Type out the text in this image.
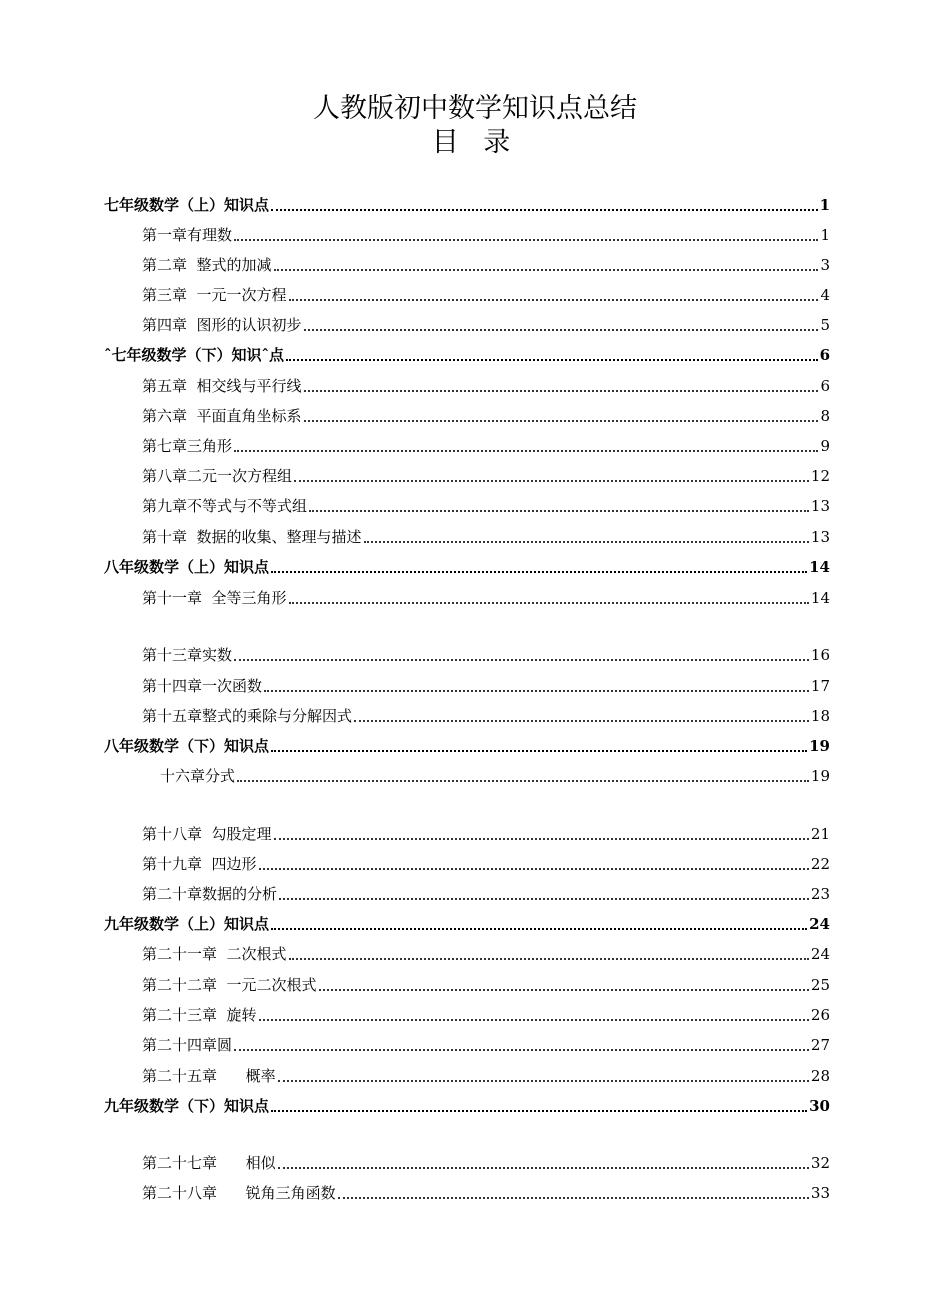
人教版初中数学知识点总结
目 录
七年级数学（上）知识点	1
第一章有理数	1
第二章  整式的加减	3
第三章  一元一次方程	4
第四章  图形的认识初步	5
ˆ七年级数学（下）知识ˆ点	6
第五章  相交线与平行线	6
第六章  平面直角坐标系	8
第七章三角形	9
第八章二元一次方程组	12
第九章不等式与不等式组	13
第十章  数据的收集、整理与描述	13
八年级数学（上）知识点	14
第十一章  全等三角形	14
第十三章实数	16
第十四章一次函数	17
第十五章整式的乘除与分解因式	18
八年级数学（下）知识点	19
十六章分式	19
第十八章  勾股定理	21
第十九章  四边形	22
第二十章数据的分析	23
九年级数学（上）知识点	24
第二十一章  二次根式	24
第二十二章  一元二次根式	25
第二十三章  旋转	26
第二十四章圆	27
第二十五章      概率	28
九年级数学（下）知识点	30
第二十七章      相似	32
第二十八章      锐角三角函数	33
